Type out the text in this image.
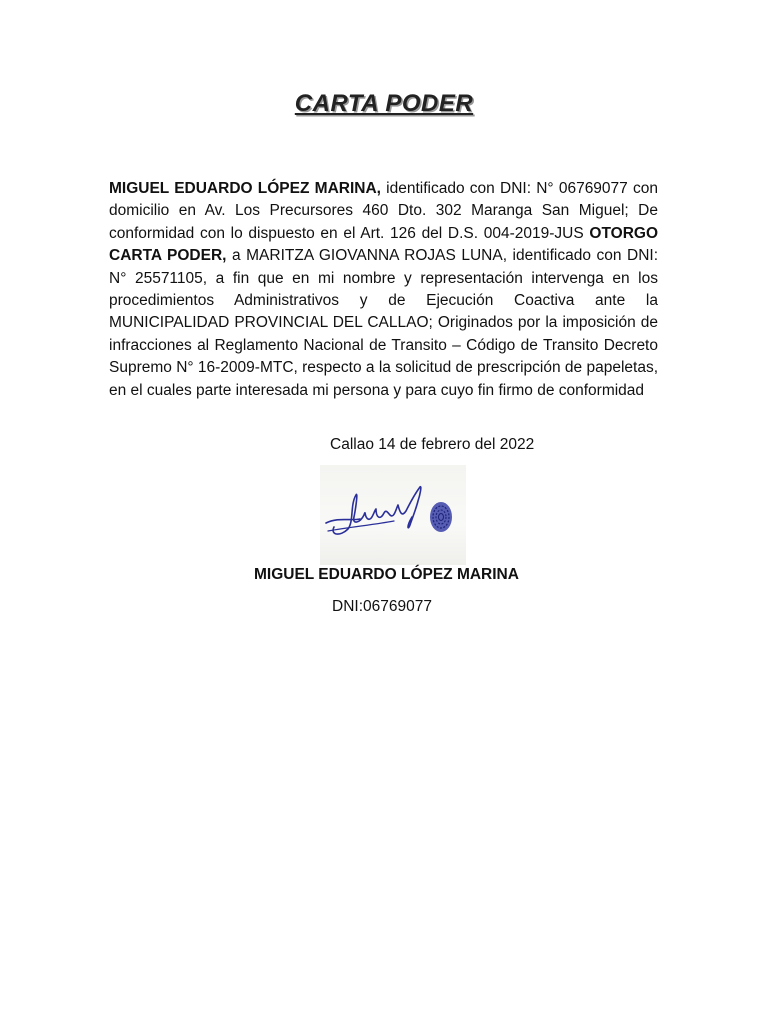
CARTA PODER
MIGUEL EDUARDO LÓPEZ MARINA, identificado con DNI: N° 06769077 con domicilio en Av. Los Precursores 460 Dto. 302 Maranga San Miguel; De conformidad con lo dispuesto en el Art. 126 del D.S. 004-2019-JUS OTORGO CARTA PODER, a MARITZA GIOVANNA ROJAS LUNA, identificado con DNI: N° 25571105, a fin que en mi nombre y representación intervenga en los procedimientos Administrativos y de Ejecución Coactiva ante la MUNICIPALIDAD PROVINCIAL DEL CALLAO; Originados por la imposición de infracciones al Reglamento Nacional de Transito – Código de Transito Decreto Supremo N° 16-2009-MTC, respecto a la solicitud de prescripción de papeletas, en el cuales parte interesada mi persona y para cuyo fin firmo de conformidad
Callao 14 de febrero del 2022
MIGUEL EDUARDO LÓPEZ MARINA
DNI:06769077
